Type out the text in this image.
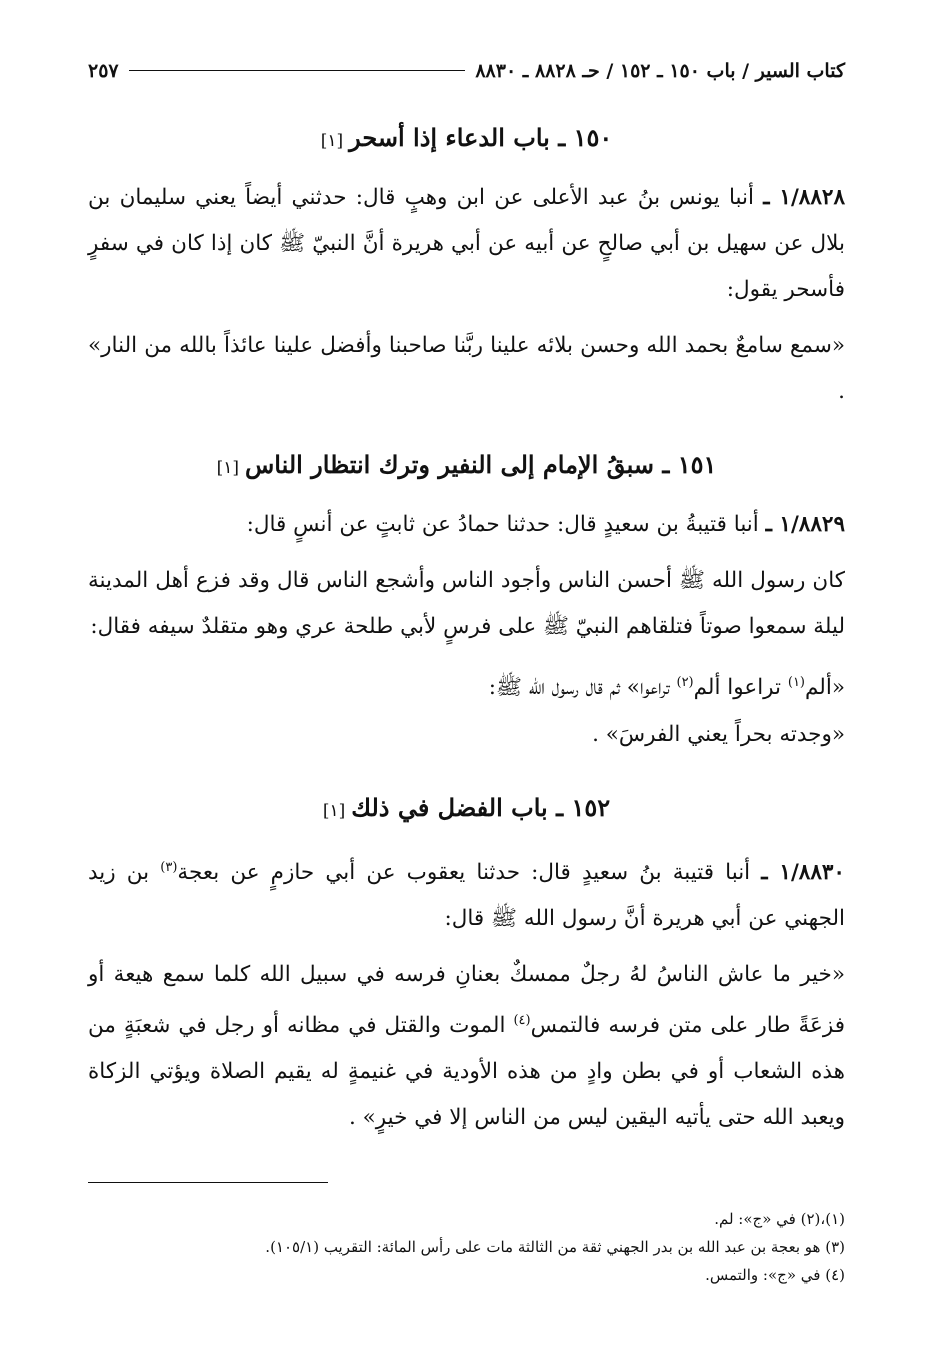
كتاب السير / باب ١٥٠ ـ ١٥٢ / حـ ٨٨٢٨ ـ ٨٨٣٠
٢٥٧
١٥٠ ـ باب الدعاء إذا أسحر[١]

١/٨٨٢٨ ـ أنبا يونس بنُ عبد الأعلى عن ابن وهبٍ قال: حدثني أيضاً يعني سليمان بن بلال عن سهيل بن أبي صالحٍ عن أبيه عن أبي هريرة أنَّ النبيّ ﷺ كان إذا كان في سفرٍ فأسحر يقول:

«سمع سامعٌ بحمد الله وحسن بلائه علينا ربَّنا صاحبنا وأفضل علينا عائذاً بالله من النار» .

١٥١ ـ سبقُ الإمام إلى النفير وترك انتظار الناس[١]

١/٨٨٢٩ ـ أنبا قتيبةُ بن سعيدٍ قال: حدثنا حمادُ عن ثابتٍ عن أنسٍ قال:

كان رسول الله ﷺ أحسن الناس وأجود الناس وأشجع الناس قال وقد فزع أهل المدينة ليلة سمعوا صوتاً فتلقاهم النبيّ ﷺ على فرسٍ لأبي طلحة عري وهو متقلدٌ سيفه فقال:

«ألم$^{(١)}$ تراعوا ألم$^{(٢)}$ تراعوا» ثم قال رسول الله ﷺ:

«وجدته بحراً يعني الفرسَ» .

١٥٢ ـ باب الفضل في ذلك[١]

١/٨٨٣٠ ـ أنبا قتيبة بنُ سعيدٍ قال: حدثنا يعقوب عن أبي حازمٍ عن بعجة$^{(٣)}$ بن زيد الجهني عن أبي هريرة أنَّ رسول الله ﷺ قال:

«خير ما عاش الناسُ لهُ رجلٌ ممسكٌ بعنانِ فرسه في سبيل الله كلما سمع هيعة أو فزعَةً طار على متن فرسه فالتمس$^{(٤)}$ الموت والقتل في مظانه أو رجل في شعبَةٍ من هذه الشعاب أو في بطن وادٍ من هذه الأودية في غنيمةٍ له يقيم الصلاة ويؤتي الزكاة ويعبد الله حتى يأتيه اليقين ليس من الناس إلا في خيرٍ» .

(١)،(٢) في «ج»: لم.
(٣) هو بعجة بن عبد الله بن بدر الجهني ثقة من الثالثة مات على رأس المائة: التقريب (١٠٥/١).
(٤) في «ج»: والتمس.
